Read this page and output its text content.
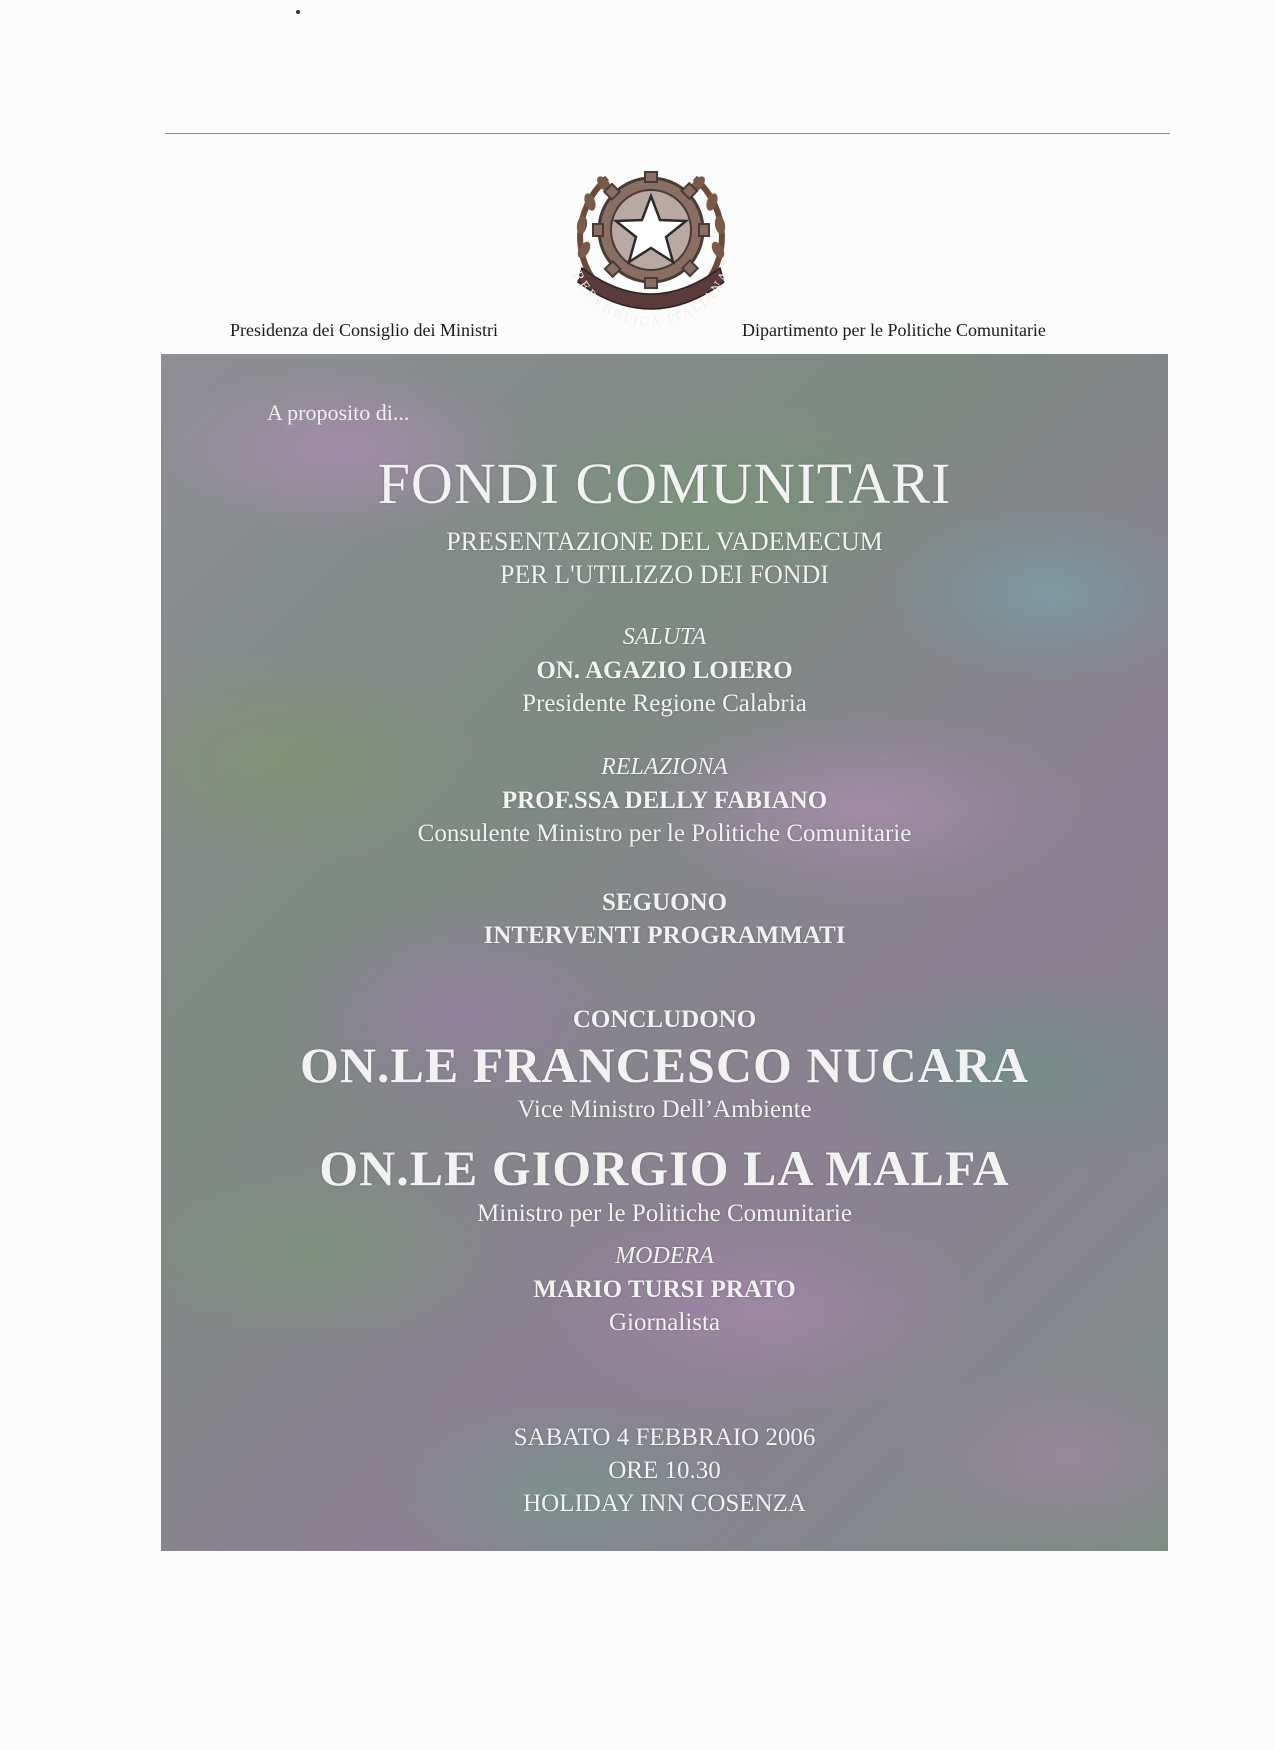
REPVBBLICA ITALIANA
Presidenza dei Consiglio dei Ministri	Dipartimento per le Politiche Comunitarie
A proposito di...
FONDI COMUNITARI
PRESENTAZIONE DEL VADEMECUM
PER L'UTILIZZO DEI FONDI
SALUTA
ON. AGAZIO LOIERO
Presidente Regione Calabria
RELAZIONA
PROF.SSA DELLY FABIANO
Consulente Ministro per le Politiche Comunitarie
SEGUONO
INTERVENTI PROGRAMMATI
CONCLUDONO
ON.LE FRANCESCO NUCARA
Vice Ministro Dell’Ambiente
ON.LE GIORGIO LA MALFA
Ministro per le Politiche Comunitarie
MODERA
MARIO TURSI PRATO
Giornalista
SABATO 4 FEBBRAIO 2006
ORE 10.30
HOLIDAY INN COSENZA
